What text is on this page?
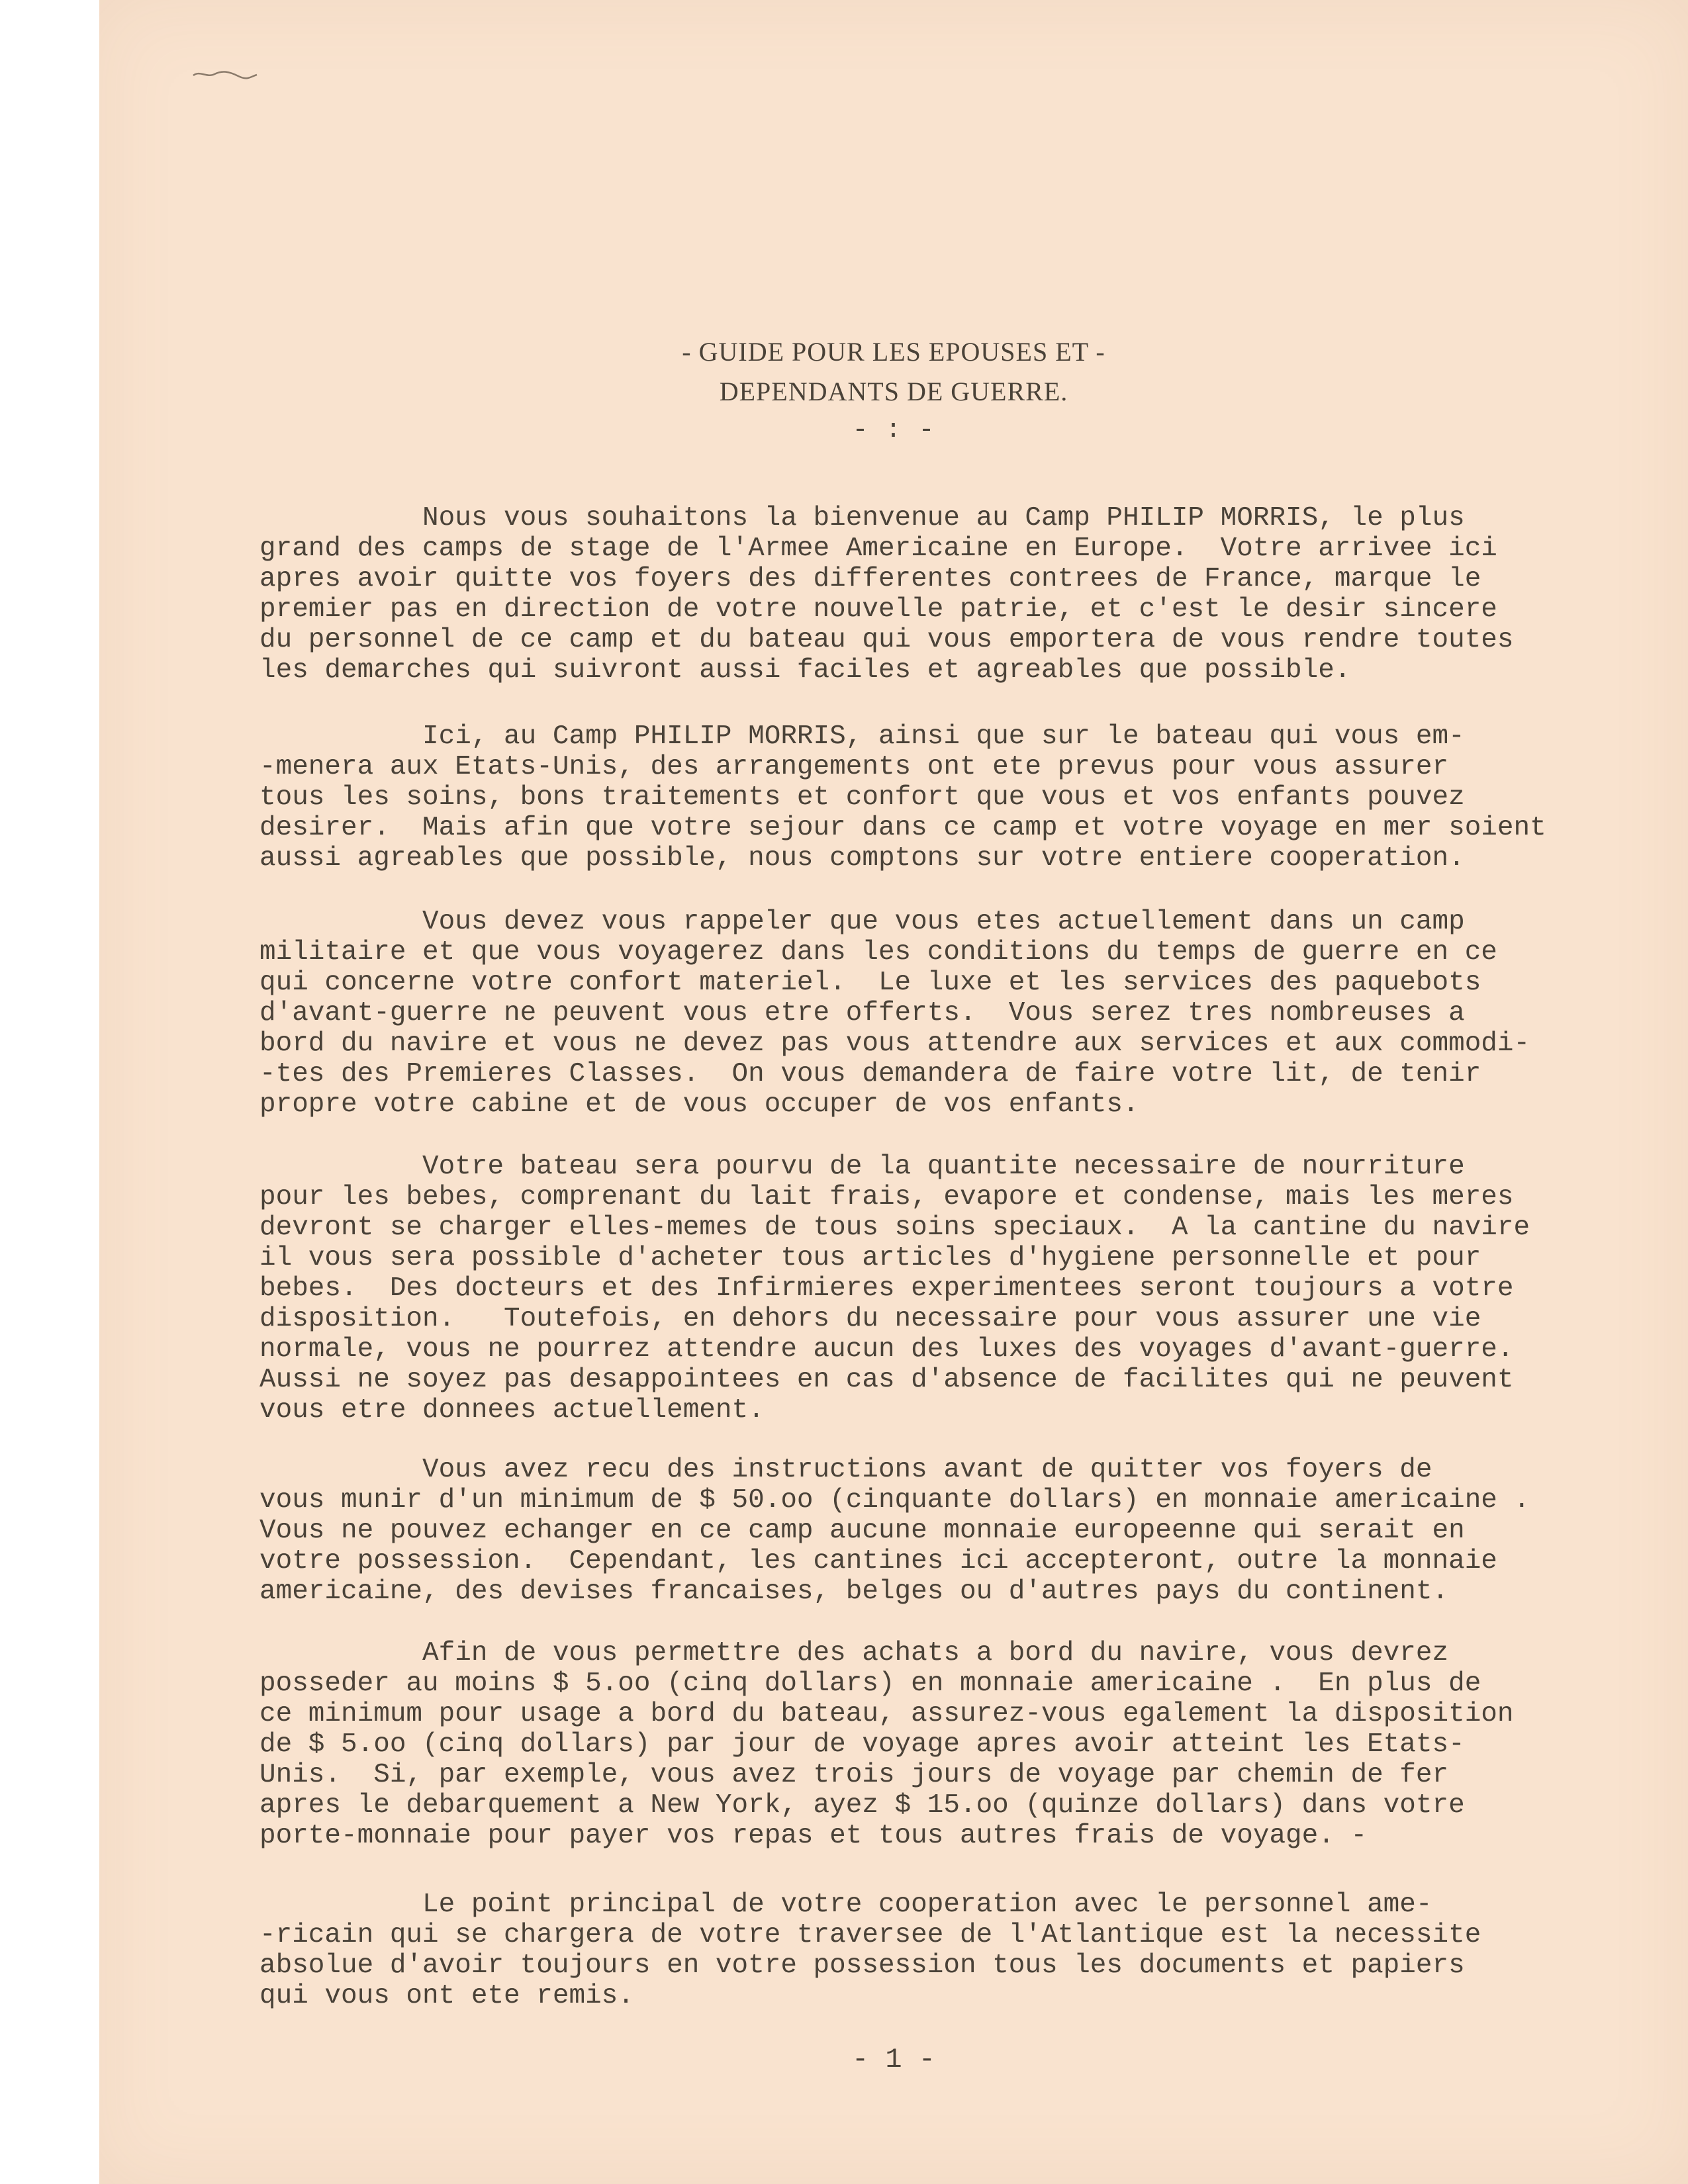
- GUIDE POUR LES EPOUSES ET -
DEPENDANTS DE GUERRE.
- : -

Nous vous souhaitons la bienvenue au Camp PHILIP MORRIS, le plus
grand des camps de stage de l'Armee Americaine en Europe.  Votre arrivee ici
apres avoir quitte vos foyers des differentes contrees de France, marque le
premier pas en direction de votre nouvelle patrie, et c'est le desir sincere
du personnel de ce camp et du bateau qui vous emportera de vous rendre toutes
les demarches qui suivront aussi faciles et agreables que possible.

Ici, au Camp PHILIP MORRIS, ainsi que sur le bateau qui vous em-
-menera aux Etats-Unis, des arrangements ont ete prevus pour vous assurer
tous les soins, bons traitements et confort que vous et vos enfants pouvez
desirer.  Mais afin que votre sejour dans ce camp et votre voyage en mer soient
aussi agreables que possible, nous comptons sur votre entiere cooperation.

Vous devez vous rappeler que vous etes actuellement dans un camp
militaire et que vous voyagerez dans les conditions du temps de guerre en ce
qui concerne votre confort materiel.  Le luxe et les services des paquebots
d'avant-guerre ne peuvent vous etre offerts.  Vous serez tres nombreuses a
bord du navire et vous ne devez pas vous attendre aux services et aux commodi-
-tes des Premieres Classes.  On vous demandera de faire votre lit, de tenir
propre votre cabine et de vous occuper de vos enfants.

Votre bateau sera pourvu de la quantite necessaire de nourriture
pour les bebes, comprenant du lait frais, evapore et condense, mais les meres
devront se charger elles-memes de tous soins speciaux.  A la cantine du navire
il vous sera possible d'acheter tous articles d'hygiene personnelle et pour
bebes.  Des docteurs et des Infirmieres experimentees seront toujours a votre
disposition.   Toutefois, en dehors du necessaire pour vous assurer une vie
normale, vous ne pourrez attendre aucun des luxes des voyages d'avant-guerre.
Aussi ne soyez pas desappointees en cas d'absence de facilites qui ne peuvent
vous etre donnees actuellement.

Vous avez recu des instructions avant de quitter vos foyers de
vous munir d'un minimum de $ 50.oo (cinquante dollars) en monnaie americaine .
Vous ne pouvez echanger en ce camp aucune monnaie europeenne qui serait en
votre possession.  Cependant, les cantines ici accepteront, outre la monnaie
americaine, des devises francaises, belges ou d'autres pays du continent.

Afin de vous permettre des achats a bord du navire, vous devrez
posseder au moins $ 5.oo (cinq dollars) en monnaie americaine .  En plus de
ce minimum pour usage a bord du bateau, assurez-vous egalement la disposition
de $ 5.oo (cinq dollars) par jour de voyage apres avoir atteint les Etats-
Unis.  Si, par exemple, vous avez trois jours de voyage par chemin de fer
apres le debarquement a New York, ayez $ 15.oo (quinze dollars) dans votre
porte-monnaie pour payer vos repas et tous autres frais de voyage. -

Le point principal de votre cooperation avec le personnel ame-
-ricain qui se chargera de votre traversee de l'Atlantique est la necessite
absolue d'avoir toujours en votre possession tous les documents et papiers
qui vous ont ete remis.

- 1 -
